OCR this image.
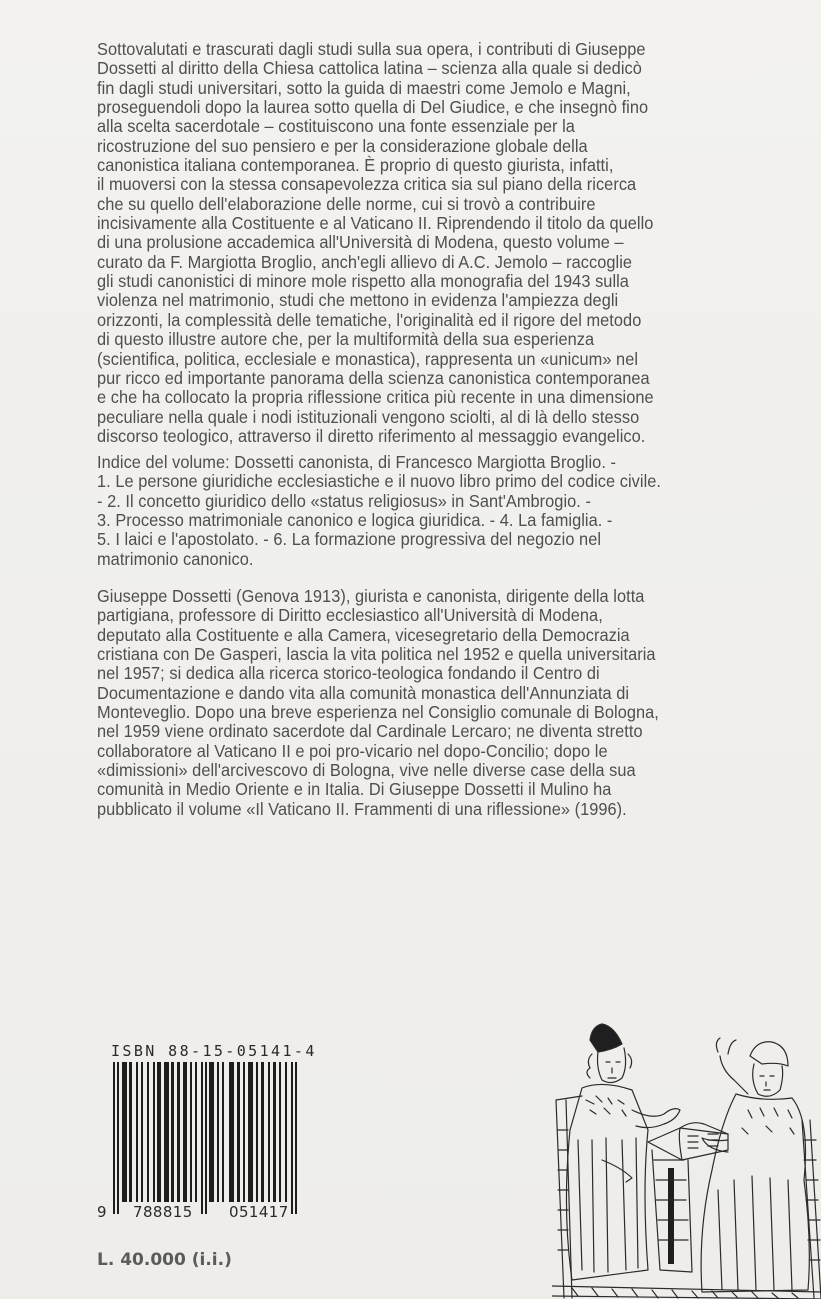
Sottovalutati e trascurati dagli studi sulla sua opera, i contributi di Giuseppe
Dossetti al diritto della Chiesa cattolica latina – scienza alla quale si dedicò
fin dagli studi universitari, sotto la guida di maestri come Jemolo e Magni,
proseguendoli dopo la laurea sotto quella di Del Giudice, e che insegnò fino
alla scelta sacerdotale – costituiscono una fonte essenziale per la
ricostruzione del suo pensiero e per la considerazione globale della
canonistica italiana contemporanea. È proprio di questo giurista, infatti,
il muoversi con la stessa consapevolezza critica sia sul piano della ricerca
che su quello dell'elaborazione delle norme, cui si trovò a contribuire
incisivamente alla Costituente e al Vaticano II. Riprendendo il titolo da quello
di una prolusione accademica all'Università di Modena, questo volume –
curato da F. Margiotta Broglio, anch'egli allievo di A.C. Jemolo – raccoglie
gli studi canonistici di minore mole rispetto alla monografia del 1943 sulla
violenza nel matrimonio, studi che mettono in evidenza l'ampiezza degli
orizzonti, la complessità delle tematiche, l'originalità ed il rigore del metodo
di questo illustre autore che, per la multiformità della sua esperienza
(scientifica, politica, ecclesiale e monastica), rappresenta un «unicum» nel
pur ricco ed importante panorama della scienza canonistica contemporanea
e che ha collocato la propria riflessione critica più recente in una dimensione
peculiare nella quale i nodi istituzionali vengono sciolti, al di là dello stesso
discorso teologico, attraverso il diretto riferimento al messaggio evangelico.
Indice del volume: Dossetti canonista, di Francesco Margiotta Broglio. -
1. Le persone giuridiche ecclesiastiche e il nuovo libro primo del codice civile.
- 2. Il concetto giuridico dello «status religiosus» in Sant'Ambrogio. -
3. Processo matrimoniale canonico e logica giuridica. - 4. La famiglia. -
5. I laici e l'apostolato. - 6. La formazione progressiva del negozio nel
matrimonio canonico.
Giuseppe Dossetti (Genova 1913), giurista e canonista, dirigente della lotta
partigiana, professore di Diritto ecclesiastico all'Università di Modena,
deputato alla Costituente e alla Camera, vicesegretario della Democrazia
cristiana con De Gasperi, lascia la vita politica nel 1952 e quella universitaria
nel 1957; si dedica alla ricerca storico-teologica fondando il Centro di
Documentazione e dando vita alla comunità monastica dell'Annunziata di
Monteveglio. Dopo una breve esperienza nel Consiglio comunale di Bologna,
nel 1959 viene ordinato sacerdote dal Cardinale Lercaro; ne diventa stretto
collaboratore al Vaticano II e poi pro-vicario nel dopo-Concilio; dopo le
«dimissioni» dell'arcivescovo di Bologna, vive nelle diverse case della sua
comunità in Medio Oriente e in Italia. Di Giuseppe Dossetti il Mulino ha
pubblicato il volume «Il Vaticano II. Frammenti di una riflessione» (1996).
ISBN 88-15-05141-4
9 788815 051417
L. 40.000 (i.i.)
